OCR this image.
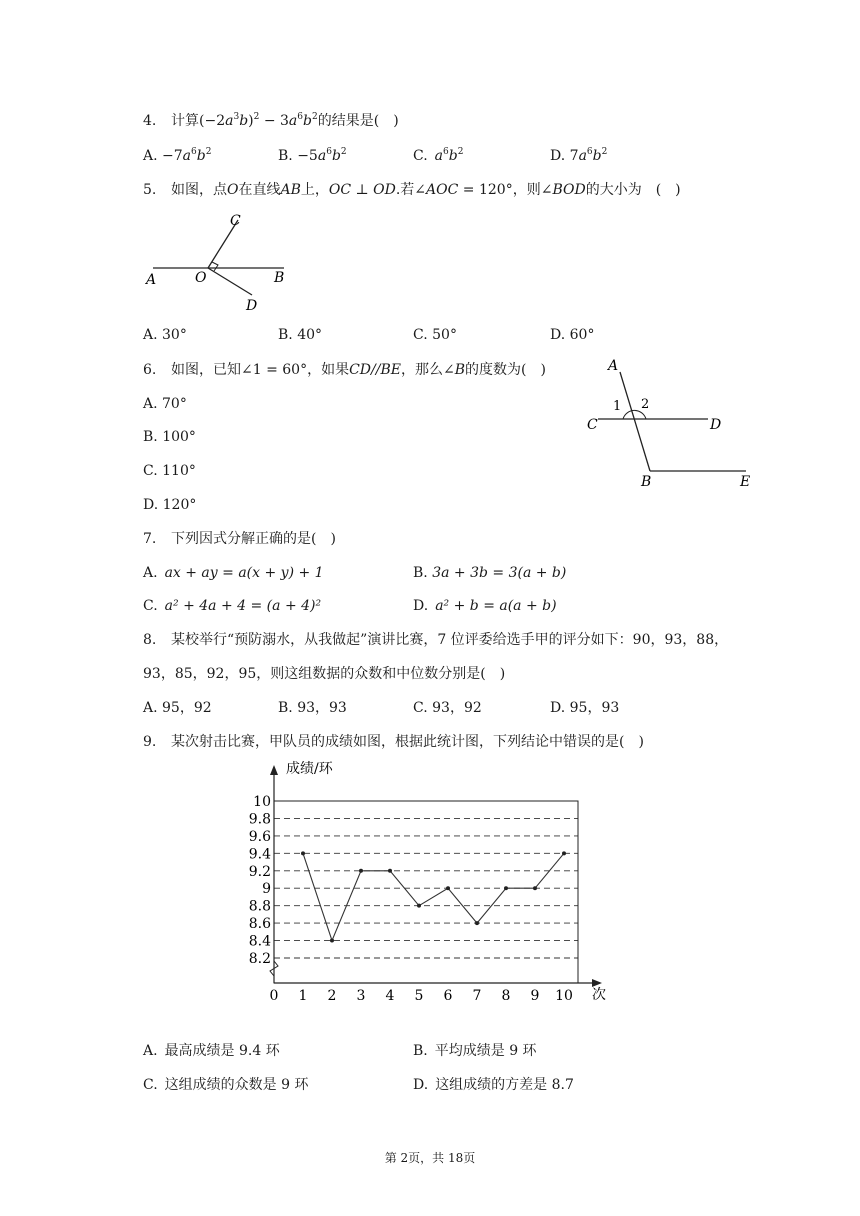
4. 计算$(-2a^3b)^2 - 3a^6b^2$的结果是(  )
A. $-7a^6b^2$	B. $-5a^6b^2$	C.  $a^6b^2$	D. $7a^6b^2$
5. 如图，点O在直线AB上，OC ⊥ OD.若∠AOC = 120°，则∠BOD的大小为　(　)
A	O	B
C
D
A. 30°	B. 40°	C. 50°	D. 60°
6. 如图，已知∠1 = 60°，如果CD//BE，那么∠B的度数为(　)
A. 70°
B. 100°
C. 110°
D. 120°
A
1 2
C	D
B	E
7. 下列因式分解正确的是(　)
A.  ax + ay = a(x + y) + 1	B. 3a + 3b = 3(a + b)
C.  a² + 4a + 4 = (a + 4)²	D.  a² + b = a(a + b)
8. 某校举行“预防溺水，从我做起”演讲比赛，7 位评委给选手甲的评分如下：90，93，88，
93，85，92，95，则这组数据的众数和中位数分别是(　)
A. 95，92	B. 93，93	C. 93，92	D. 95，93
9. 某次射击比赛，甲队员的成绩如图，根据此统计图，下列结论中错误的是(　)
成绩/环
次
8.2
8.4
8.6
8.8
9
9.2
9.4
9.6
9.8
10
0 1 2 3 4 5 6 7 8 9 10
A.  最高成绩是 9.4 环	B.  平均成绩是 9 环
C.  这组成绩的众数是 9 环	D.  这组成绩的方差是 8.7
第 2页，共 18页
